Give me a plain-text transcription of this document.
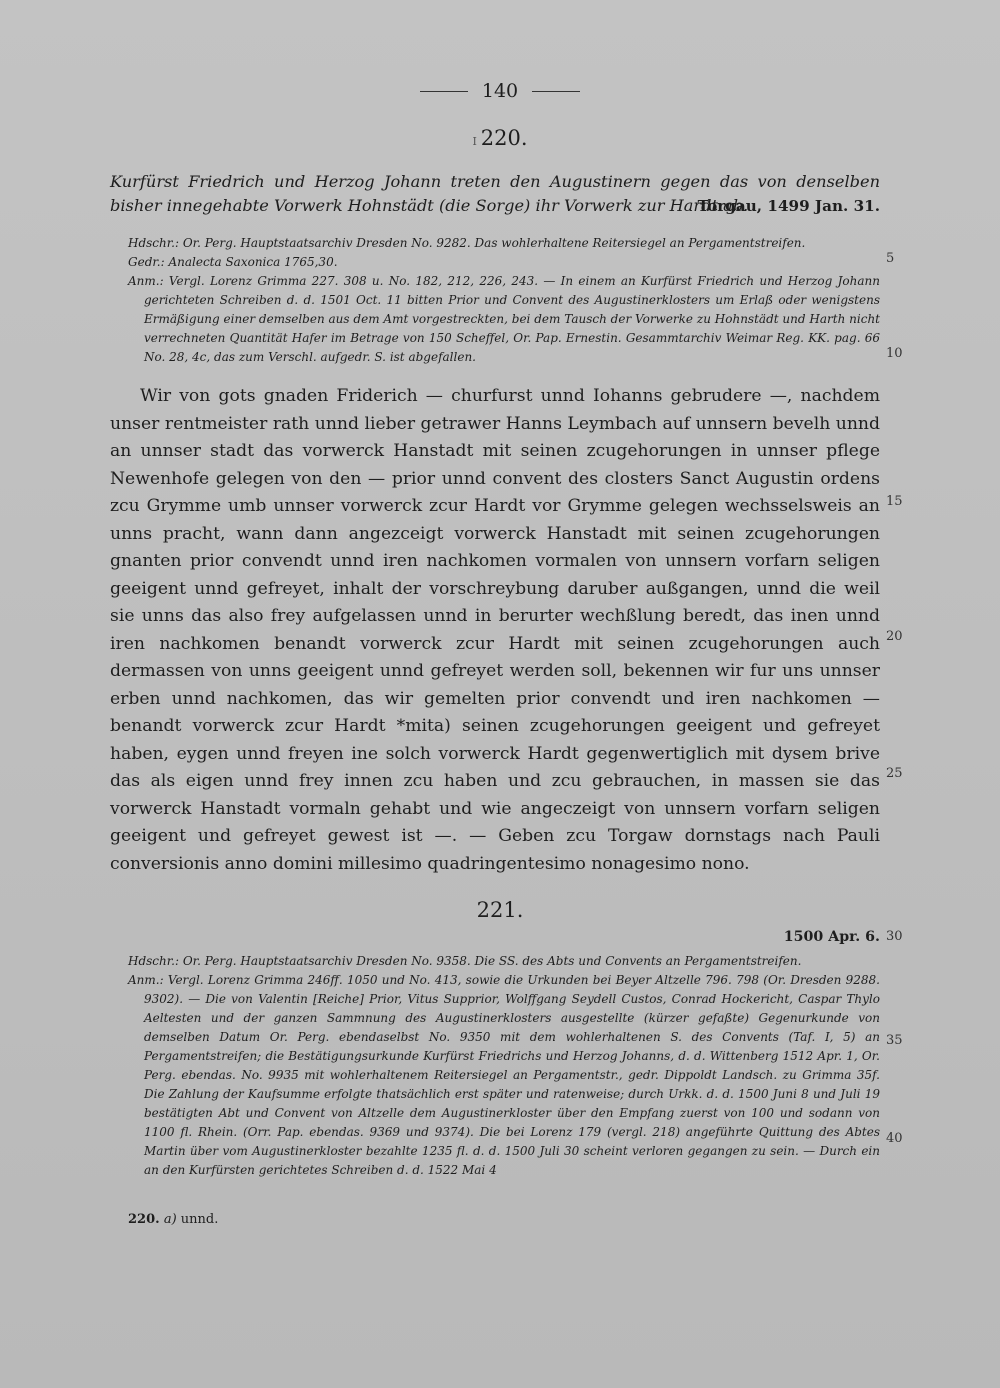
140
I 220.
Kurfürst Friedrich und Herzog Johann treten den Augustinern gegen das von denselben bisher innegehabte Vorwerk Hohnstädt (die Sorge) ihr Vorwerk zur Hardt ab.
Torgau, 1499 Jan. 31.

Hdschr.: Or. Perg. Hauptstaatsarchiv Dresden No. 9282. Das wohlerhaltene Reitersiegel an Pergamentstreifen.

Gedr.: Analecta Saxonica 1765,30.

Anm.: Vergl. Lorenz Grimma 227. 308 u. No. 182, 212, 226, 243. — In einem an Kurfürst Friedrich und Herzog Johann gerichteten Schreiben d. d. 1501 Oct. 11 bitten Prior und Convent des Augustinerklosters um Erlaß oder wenigstens Ermäßigung einer demselben aus dem Amt vorgestreckten, bei dem Tausch der Vorwerke zu Hohnstädt und Harth nicht verrechneten Quantität Hafer im Betrage von 150 Scheffel, Or. Pap. Ernestin. Gesammtarchiv Weimar Reg. KK. pag. 66 No. 28, 4c, das zum Verschl. aufgedr. S. ist abgefallen.

Wir von gots gnaden Friderich — churfurst unnd Iohanns gebrudere —, nachdem unser rentmeister rath unnd lieber getrawer Hanns Leymbach auf unnsern bevelh unnd an unnser stadt das vorwerck Hanstadt mit seinen zcugehorungen in unnser pflege Newenhofe gelegen von den — prior unnd convent des closters Sanct Augustin ordens zcu Grymme umb unnser vorwerck zcur Hardt vor Grymme gelegen wechsselsweis an unns pracht, wann dann angezceigt vorwerck Hanstadt mit seinen zcugehorungen gnanten prior convendt unnd iren nachkomen vormalen von unnsern vorfarn seligen geeigent unnd gefreyet, inhalt der vorschreybung daruber außgangen, unnd die weil sie unns das also frey aufgelassen unnd in berurter wechßlung beredt, das inen unnd iren nachkomen benandt vorwerck zcur Hardt mit seinen zcugehorungen auch dermassen von unns geeigent unnd gefreyet werden soll, bekennen wir fur uns unnser erben unnd nachkomen, das wir gemelten prior convendt und iren nachkomen — benandt vorwerck zcur Hardt *mita) seinen zcugehorungen geeigent und gefreyet haben, eygen unnd freyen ine solch vorwerck Hardt gegenwertiglich mit dysem brive das als eigen unnd frey innen zcu haben und zcu gebrauchen, in massen sie das vorwerck Hanstadt vormaln gehabt und wie angeczeigt von unnsern vorfarn seligen geeigent und gefreyet gewest ist —. — Geben zcu Torgaw dornstags nach Pauli conversionis anno domini millesimo quadringentesimo nonagesimo nono.

221.
1500 Apr. 6.

Hdschr.: Or. Perg. Hauptstaatsarchiv Dresden No. 9358. Die SS. des Abts und Convents an Pergamentstreifen.

Anm.: Vergl. Lorenz Grimma 246ff. 1050 und No. 413, sowie die Urkunden bei Beyer Altzelle 796. 798 (Or. Dresden 9288. 9302). — Die von Valentin [Reiche] Prior, Vitus Supprior, Wolffgang Seydell Custos, Conrad Hockericht, Caspar Thylo Aeltesten und der ganzen Sammnung des Augustinerklosters ausgestellte (kürzer gefaßte) Gegenurkunde von demselben Datum Or. Perg. ebendaselbst No. 9350 mit dem wohlerhaltenen S. des Convents (Taf. I, 5) an Pergamentstreifen; die Bestätigungsurkunde Kurfürst Friedrichs und Herzog Johanns, d. d. Wittenberg 1512 Apr. 1, Or. Perg. ebendas. No. 9935 mit wohlerhaltenem Reitersiegel an Pergamentstr., gedr. Dippoldt Landsch. zu Grimma 35f. Die Zahlung der Kaufsumme erfolgte thatsächlich erst später und ratenweise; durch Urkk. d. d. 1500 Juni 8 und Juli 19 bestätigten Abt und Convent von Altzelle dem Augustinerkloster über den Empfang zuerst von 100 und sodann von 1100 fl. Rhein. (Orr. Pap. ebendas. 9369 und 9374). Die bei Lorenz 179 (vergl. 218) angeführte Quittung des Abtes Martin über vom Augustinerkloster bezahlte 1235 fl. d. d. 1500 Juli 30 scheint verloren gegangen zu sein. — Durch ein an den Kurfürsten gerichtetes Schreiben d. d. 1522 Mai 4

5
10
15
20
25
30
35
40
220. a) unnd.
